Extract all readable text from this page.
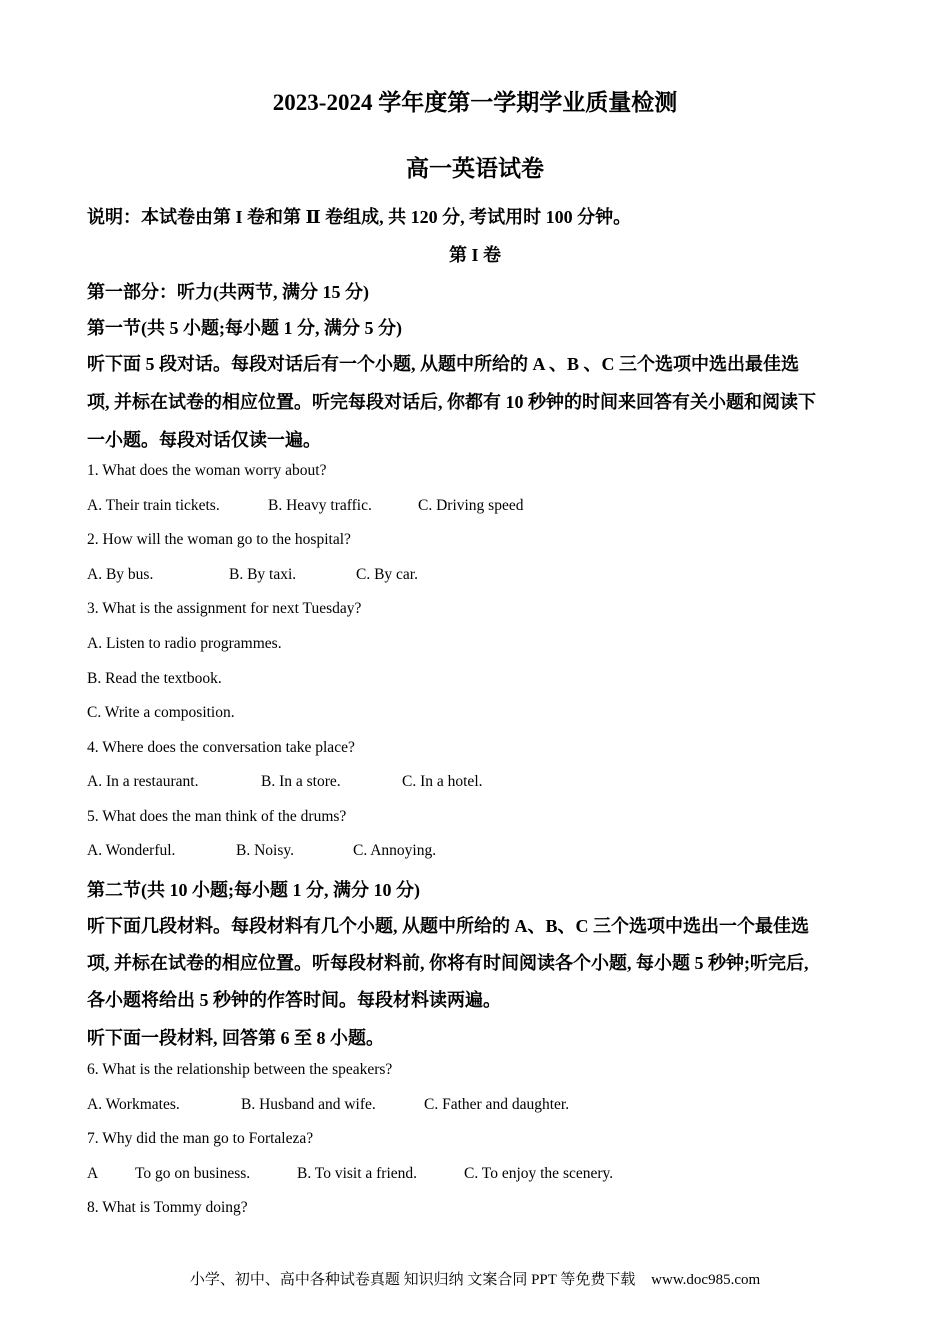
2023-2024 学年度第一学期学业质量检测
高一英语试卷
说明：本试卷由第 I 卷和第 Ⅱ 卷组成, 共 120 分, 考试用时 100 分钟。
第 I 卷
第一部分：听力(共两节, 满分 15 分)
第一节(共 5 小题;每小题 1 分, 满分 5 分)
听下面 5 段对话。每段对话后有一个小题, 从题中所给的 A 、B 、C 三个选项中选出最佳选
项, 并标在试卷的相应位置。听完每段对话后, 你都有 10 秒钟的时间来回答有关小题和阅读下
一小题。每段对话仅读一遍。
1. What does the woman worry about?
A. Their train tickets.	B. Heavy traffic.	C. Driving speed
2. How will the woman go to the hospital?
A. By bus.	B. By taxi.	C. By car.
3. What is the assignment for next Tuesday?
A. Listen to radio programmes.
B. Read the textbook.
C. Write a composition.
4. Where does the conversation take place?
A. In a restaurant.	B. In a store.	C. In a hotel.
5. What does the man think of the drums?
A. Wonderful.	B. Noisy.	C. Annoying.
第二节(共 10 小题;每小题 1 分, 满分 10 分)
听下面几段材料。每段材料有几个小题, 从题中所给的 A、B、C 三个选项中选出一个最佳选
项, 并标在试卷的相应位置。听每段材料前, 你将有时间阅读各个小题, 每小题 5 秒钟;听完后,
各小题将给出 5 秒钟的作答时间。每段材料读两遍。
听下面一段材料, 回答第 6 至 8 小题。
6. What is the relationship between the speakers?
A. Workmates.	B. Husband and wife.	C. Father and daughter.
7. Why did the man go to Fortaleza?
A To go on business.	B. To visit a friend.	C. To enjoy the scenery.
8. What is Tommy doing?
小学、初中、高中各种试卷真题 知识归纳 文案合同 PPT 等免费下载 www.doc985.com
